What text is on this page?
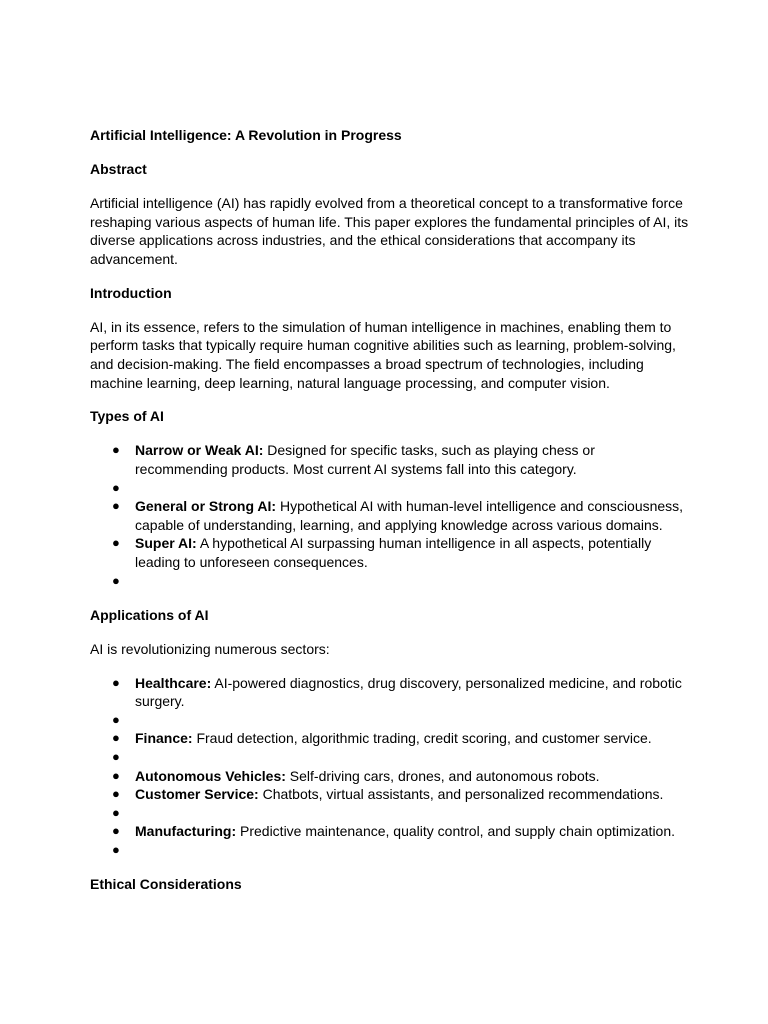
Artificial Intelligence: A Revolution in Progress

Abstract

Artificial intelligence (AI) has rapidly evolved from a theoretical concept to a transformative force reshaping various aspects of human life. This paper explores the fundamental principles of AI, its diverse applications across industries, and the ethical considerations that accompany its advancement.

Introduction

AI, in its essence, refers to the simulation of human intelligence in machines, enabling them to perform tasks that typically require human cognitive abilities such as learning, problem-solving, and decision-making. The field encompasses a broad spectrum of technologies, including machine learning, deep learning, natural language processing, and computer vision.

Types of AI

● Narrow or Weak AI: Designed for specific tasks, such as playing chess or recommending products. Most current AI systems fall into this category.
●
● General or Strong AI: Hypothetical AI with human-level intelligence and consciousness, capable of understanding, learning, and applying knowledge across various domains.
● Super AI: A hypothetical AI surpassing human intelligence in all aspects, potentially leading to unforeseen consequences.
●

Applications of AI

AI is revolutionizing numerous sectors:

● Healthcare: AI-powered diagnostics, drug discovery, personalized medicine, and robotic surgery.
●
● Finance: Fraud detection, algorithmic trading, credit scoring, and customer service.
●
● Autonomous Vehicles: Self-driving cars, drones, and autonomous robots.
● Customer Service: Chatbots, virtual assistants, and personalized recommendations.
●
● Manufacturing: Predictive maintenance, quality control, and supply chain optimization.
●

Ethical Considerations
